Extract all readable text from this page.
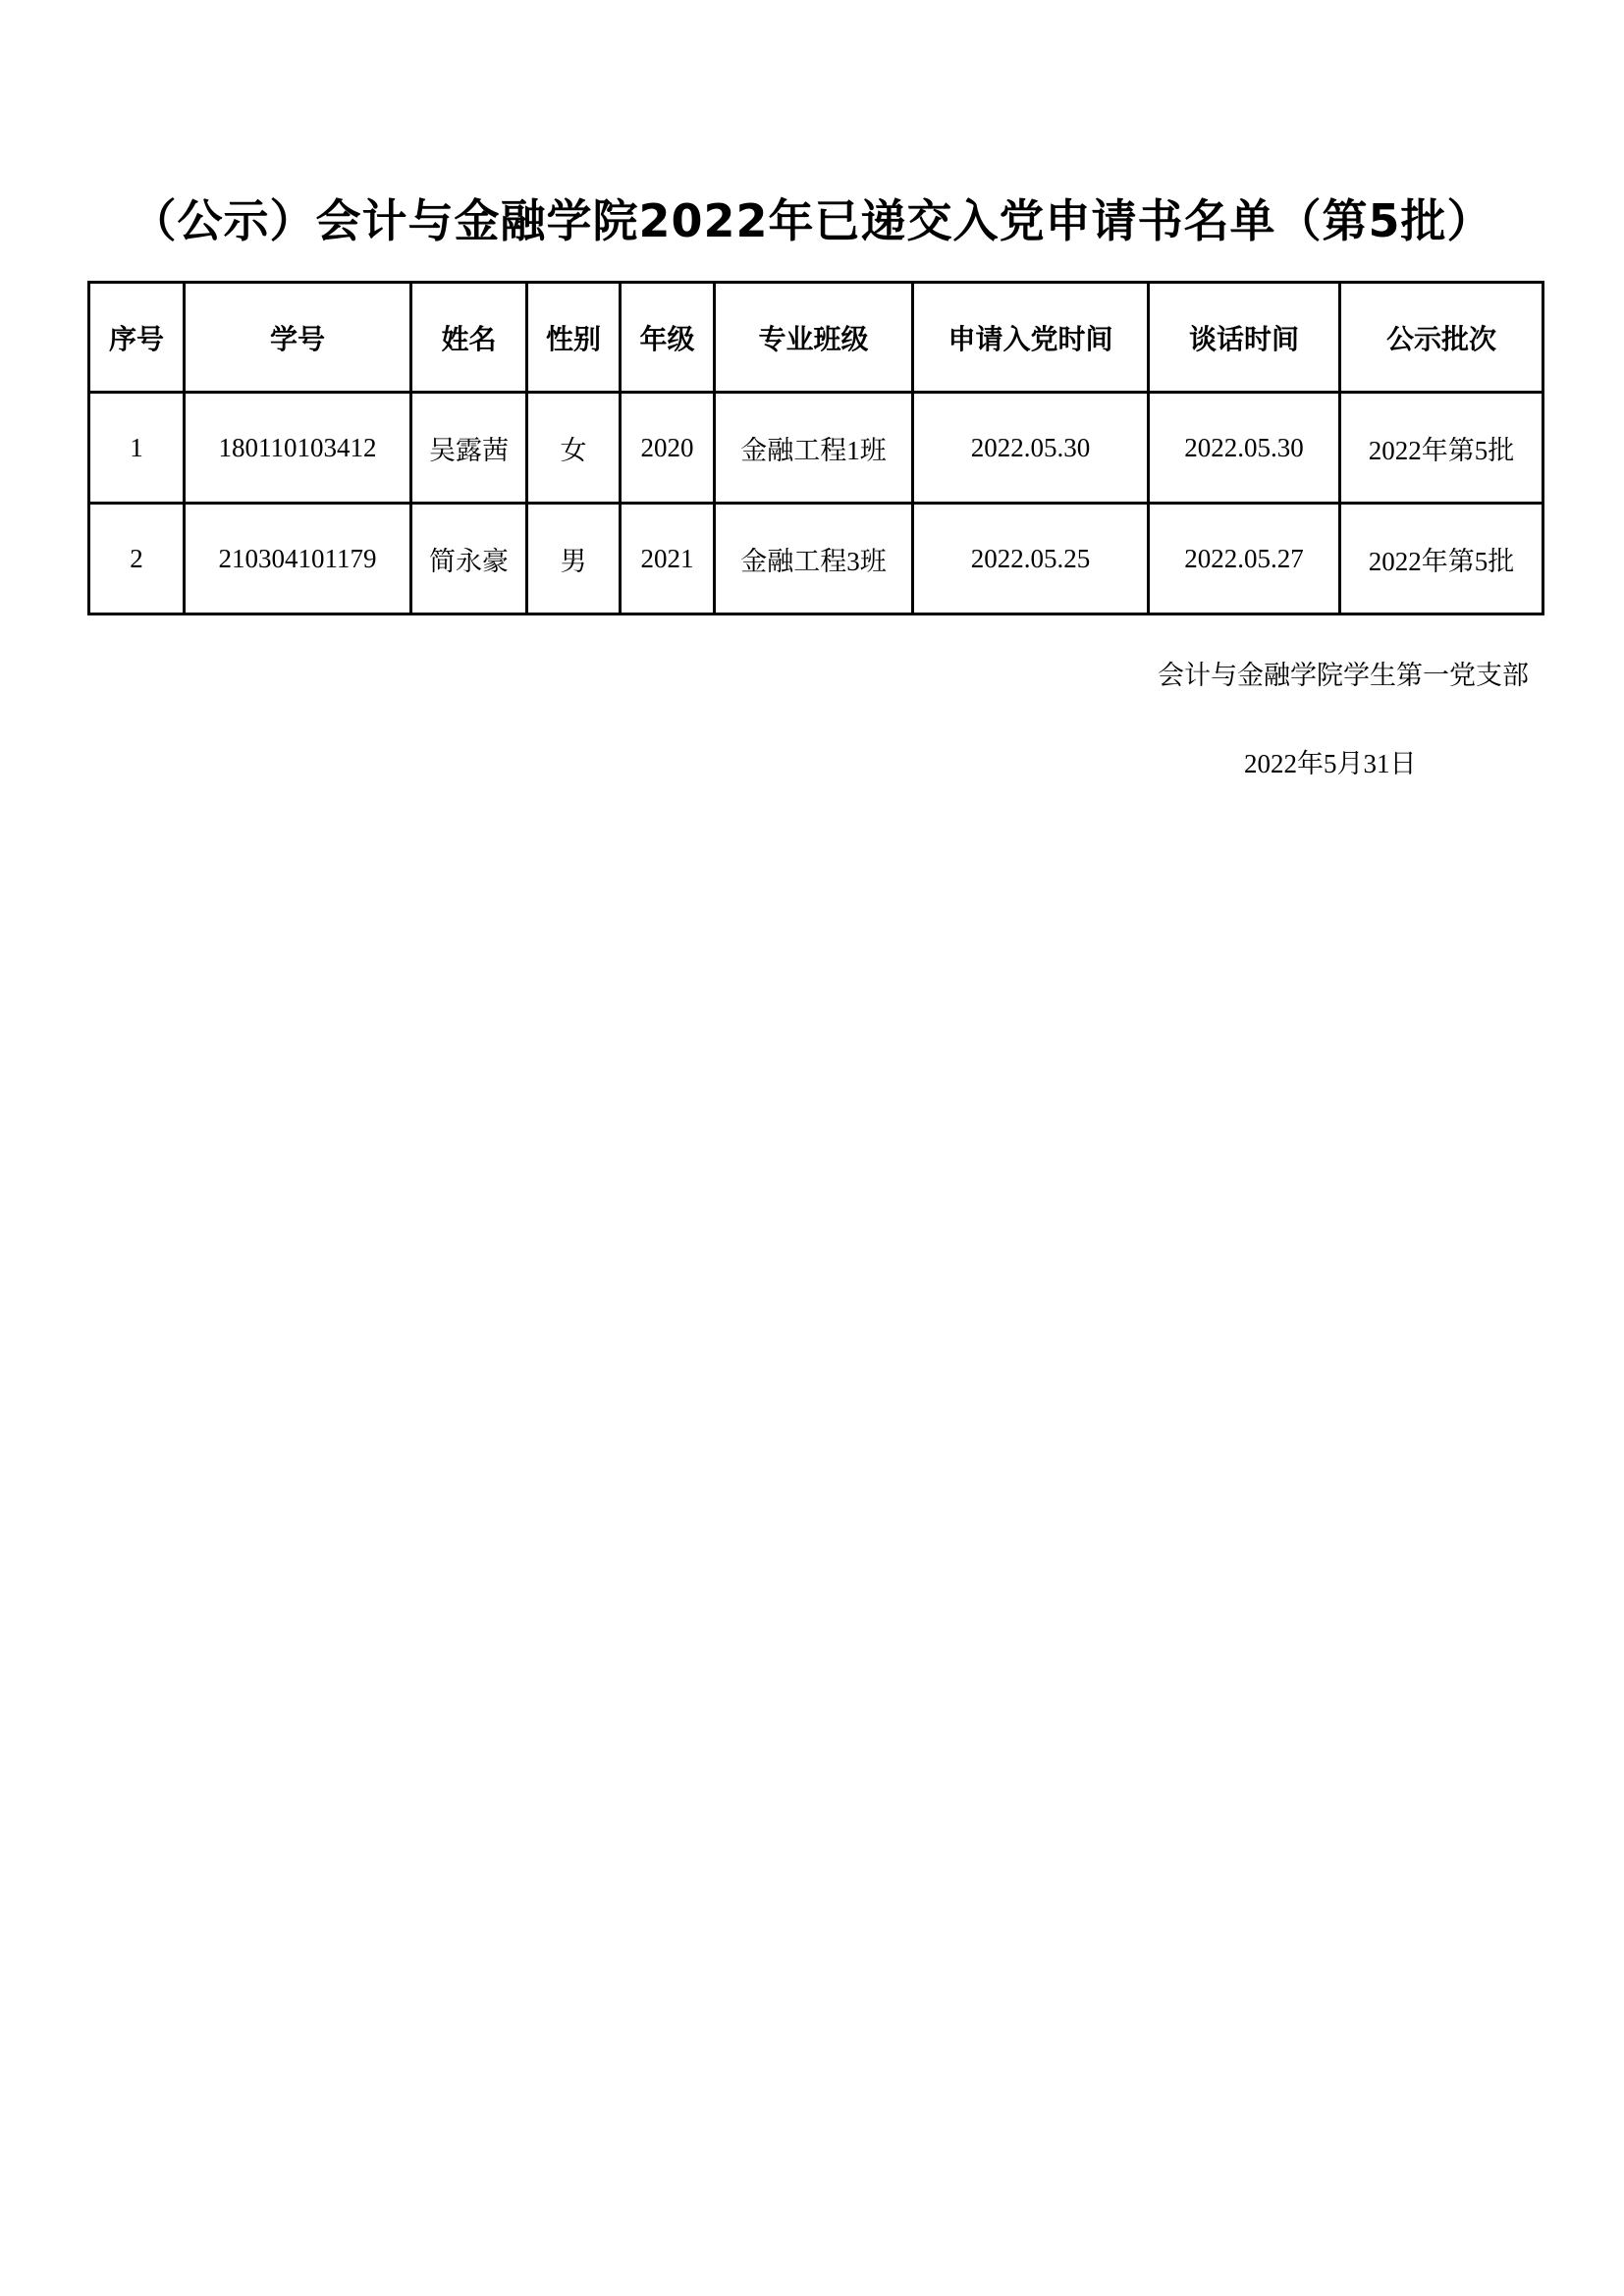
（公示）会计与金融学院2022年已递交入党申请书名单（第5批）
序号	学号	姓名	性别	年级	专业班级	申请入党时间	谈话时间	公示批次
1	180110103412	吴露茜	女	2020	金融工程1班	2022.05.30	2022.05.30	2022年第5批
2	210304101179	简永豪	男	2021	金融工程3班	2022.05.25	2022.05.27	2022年第5批
会计与金融学院学生第一党支部
2022年5月31日
